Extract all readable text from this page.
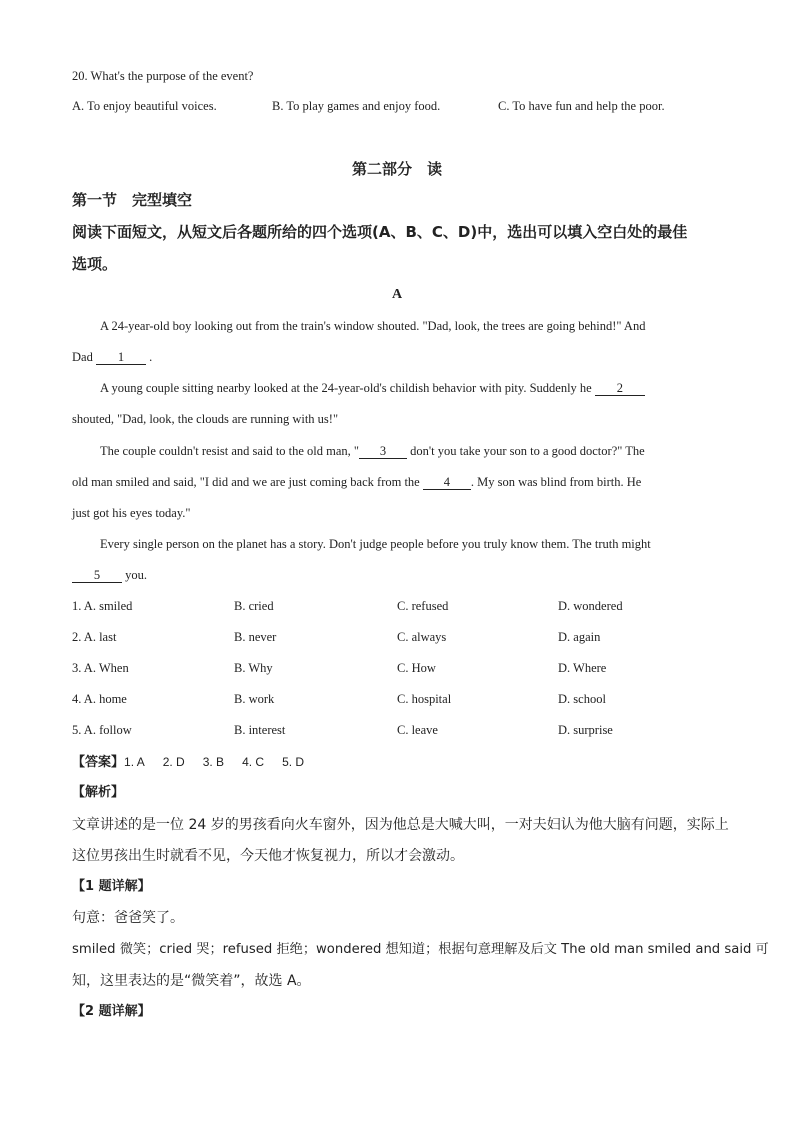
20. What's the purpose of the event?
A. To enjoy beautiful voices.	B. To play games and enjoy food.	C. To have fun and help the poor.
第二部分　读
第一节　完型填空
阅读下面短文，从短文后各题所给的四个选项(A、B、C、D)中，选出可以填入空白处的最佳
选项。
A
A 24-year-old boy looking out from the train's window shouted. "Dad, look, the trees are going behind!" And
Dad 1 .
A young couple sitting nearby looked at the 24-year-old's childish behavior with pity. Suddenly he 2
shouted, "Dad, look, the clouds are running with us!"
The couple couldn't resist and said to the old man, " 3 don't you take your son to a good doctor?" The
old man smiled and said, "I did and we are just coming back from the 4 . My son was blind from birth. He
just got his eyes today."
Every single person on the planet has a story. Don't judge people before you truly know them. The truth might
5 you.
1. A. smiled	B. cried	C. refused	D. wondered
2. A. last	B. never	C. always	D. again
3. A. When	B. Why	C. How	D. Where
4. A. home	B. work	C. hospital	D. school
5. A. follow	B. interest	C. leave	D. surprise
【答案】1. A 2. D 3. B 4. C 5. D
【解析】
文章讲述的是一位 24 岁的男孩看向火车窗外，因为他总是大喊大叫，一对夫妇认为他大脑有问题，实际上
这位男孩出生时就看不见，今天他才恢复视力，所以才会激动。
【1 题详解】
句意：爸爸笑了。
smiled 微笑；cried 哭；refused 拒绝；wondered 想知道；根据句意理解及后文 The old man smiled and said 可
知，这里表达的是“微笑着”，故选 A。
【2 题详解】
